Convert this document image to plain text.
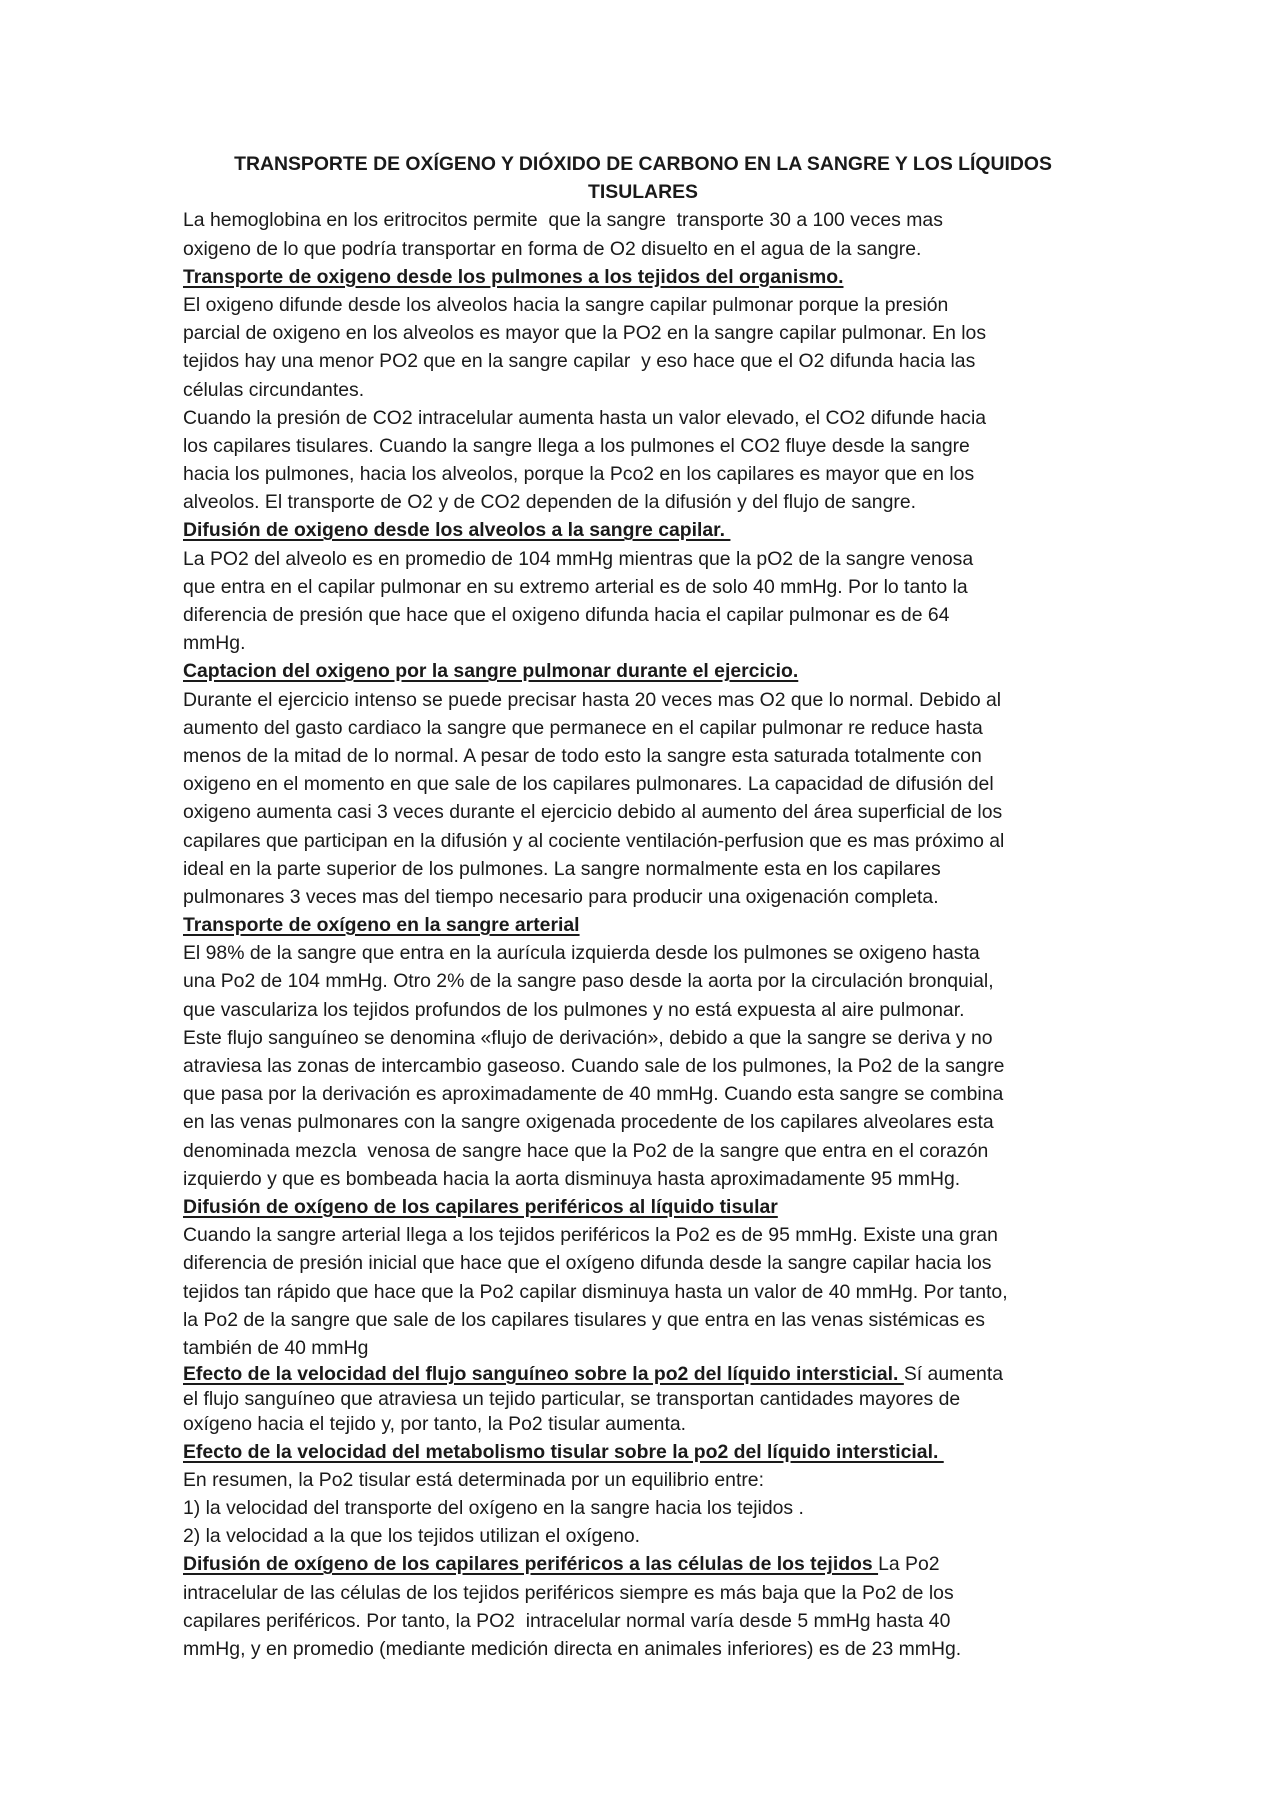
TRANSPORTE DE OXÍGENO Y DIÓXIDO DE CARBONO EN LA SANGRE Y LOS LÍQUIDOS
TISULARES
La hemoglobina en los eritrocitos permite  que la sangre  transporte 30 a 100 veces mas
oxigeno de lo que podría transportar en forma de O2 disuelto en el agua de la sangre.
Transporte de oxigeno desde los pulmones a los tejidos del organismo.
El oxigeno difunde desde los alveolos hacia la sangre capilar pulmonar porque la presión
parcial de oxigeno en los alveolos es mayor que la PO2 en la sangre capilar pulmonar. En los
tejidos hay una menor PO2 que en la sangre capilar  y eso hace que el O2 difunda hacia las
células circundantes.
Cuando la presión de CO2 intracelular aumenta hasta un valor elevado, el CO2 difunde hacia
los capilares tisulares. Cuando la sangre llega a los pulmones el CO2 fluye desde la sangre
hacia los pulmones, hacia los alveolos, porque la Pco2 en los capilares es mayor que en los
alveolos. El transporte de O2 y de CO2 dependen de la difusión y del flujo de sangre.
Difusión de oxigeno desde los alveolos a la sangre capilar.
La PO2 del alveolo es en promedio de 104 mmHg mientras que la pO2 de la sangre venosa
que entra en el capilar pulmonar en su extremo arterial es de solo 40 mmHg. Por lo tanto la
diferencia de presión que hace que el oxigeno difunda hacia el capilar pulmonar es de 64
mmHg.
Captacion del oxigeno por la sangre pulmonar durante el ejercicio.
Durante el ejercicio intenso se puede precisar hasta 20 veces mas O2 que lo normal. Debido al
aumento del gasto cardiaco la sangre que permanece en el capilar pulmonar re reduce hasta
menos de la mitad de lo normal. A pesar de todo esto la sangre esta saturada totalmente con
oxigeno en el momento en que sale de los capilares pulmonares. La capacidad de difusión del
oxigeno aumenta casi 3 veces durante el ejercicio debido al aumento del área superficial de los
capilares que participan en la difusión y al cociente ventilación-perfusion que es mas próximo al
ideal en la parte superior de los pulmones. La sangre normalmente esta en los capilares
pulmonares 3 veces mas del tiempo necesario para producir una oxigenación completa.
Transporte de oxígeno en la sangre arterial
El 98% de la sangre que entra en la aurícula izquierda desde los pulmones se oxigeno hasta
una Po2 de 104 mmHg. Otro 2% de la sangre paso desde la aorta por la circulación bronquial,
que vasculariza los tejidos profundos de los pulmones y no está expuesta al aire pulmonar.
Este flujo sanguíneo se denomina «flujo de derivación», debido a que la sangre se deriva y no
atraviesa las zonas de intercambio gaseoso. Cuando sale de los pulmones, la Po2 de la sangre
que pasa por la derivación es aproximadamente de 40 mmHg. Cuando esta sangre se combina
en las venas pulmonares con la sangre oxigenada procedente de los capilares alveolares esta
denominada mezcla  venosa de sangre hace que la Po2 de la sangre que entra en el corazón
izquierdo y que es bombeada hacia la aorta disminuya hasta aproximadamente 95 mmHg.
Difusión de oxígeno de los capilares periféricos al líquido tisular
Cuando la sangre arterial llega a los tejidos periféricos la Po2 es de 95 mmHg. Existe una gran
diferencia de presión inicial que hace que el oxígeno difunda desde la sangre capilar hacia los
tejidos tan rápido que hace que la Po2 capilar disminuya hasta un valor de 40 mmHg. Por tanto,
la Po2 de la sangre que sale de los capilares tisulares y que entra en las venas sistémicas es
también de 40 mmHg
Efecto de la velocidad del flujo sanguíneo sobre la po2 del líquido intersticial. Sí aumenta
el flujo sanguíneo que atraviesa un tejido particular, se transportan cantidades mayores de
oxígeno hacia el tejido y, por tanto, la Po2 tisular aumenta.
Efecto de la velocidad del metabolismo tisular sobre la po2 del líquido intersticial.
En resumen, la Po2 tisular está determinada por un equilibrio entre:
1) la velocidad del transporte del oxígeno en la sangre hacia los tejidos .
2) la velocidad a la que los tejidos utilizan el oxígeno.
Difusión de oxígeno de los capilares periféricos a las células de los tejidos La Po2
intracelular de las células de los tejidos periféricos siempre es más baja que la Po2 de los
capilares periféricos. Por tanto, la PO2  intracelular normal varía desde 5 mmHg hasta 40
mmHg, y en promedio (mediante medición directa en animales inferiores) es de 23 mmHg.
